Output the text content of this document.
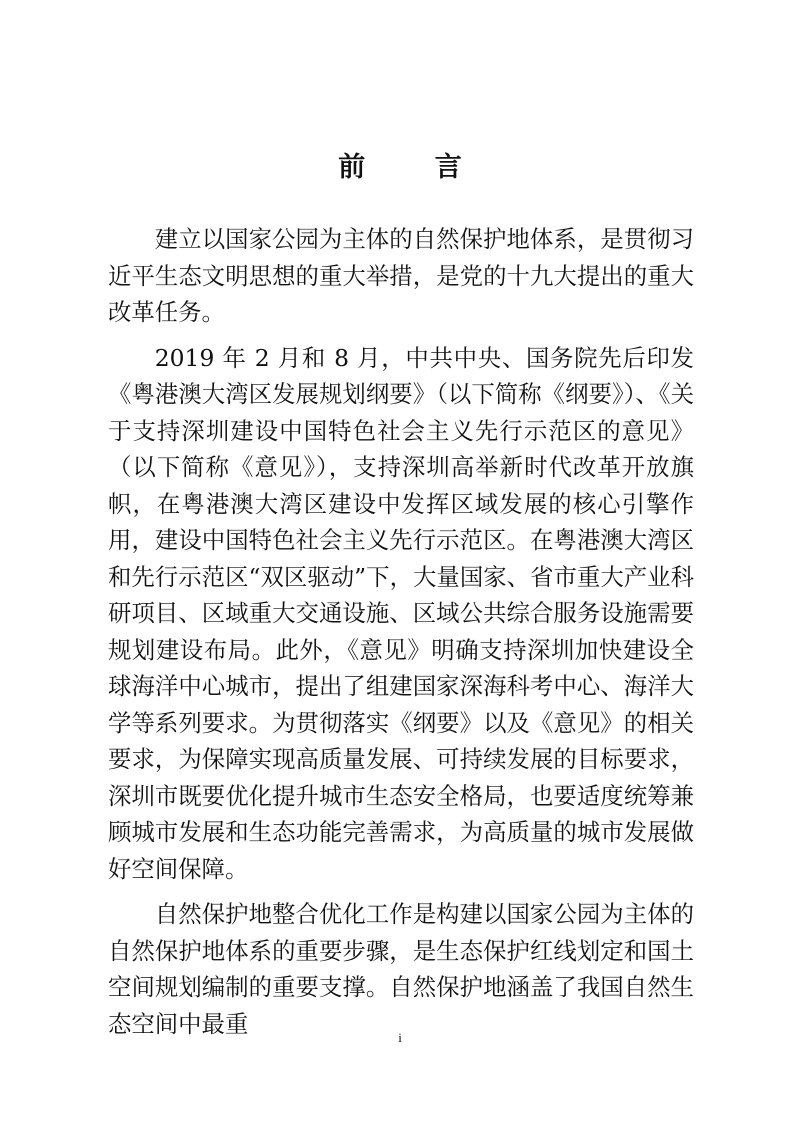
前 言

建立以国家公园为主体的自然保护地体系，是贯彻习近平生态文明思想的重大举措，是党的十九大提出的重大改革任务。

2019 年 2 月和 8 月，中共中央、国务院先后印发《粤港澳大湾区发展规划纲要》（以下简称《纲要》）、《关于支持深圳建设中国特色社会主义先行示范区的意见》（以下简称《意见》），支持深圳高举新时代改革开放旗帜，在粤港澳大湾区建设中发挥区域发展的核心引擎作用，建设中国特色社会主义先行示范区。在粤港澳大湾区和先行示范区“双区驱动”下，大量国家、省市重大产业科研项目、区域重大交通设施、区域公共综合服务设施需要规划建设布局。此外，《意见》明确支持深圳加快建设全球海洋中心城市，提出了组建国家深海科考中心、海洋大学等系列要求。为贯彻落实《纲要》以及《意见》的相关要求，为保障实现高质量发展、可持续发展的目标要求，深圳市既要优化提升城市生态安全格局，也要适度统筹兼顾城市发展和生态功能完善需求，为高质量的城市发展做好空间保障。

自然保护地整合优化工作是构建以国家公园为主体的自然保护地体系的重要步骤，是生态保护红线划定和国土空间规划编制的重要支撑。自然保护地涵盖了我国自然生态空间中最重	i
